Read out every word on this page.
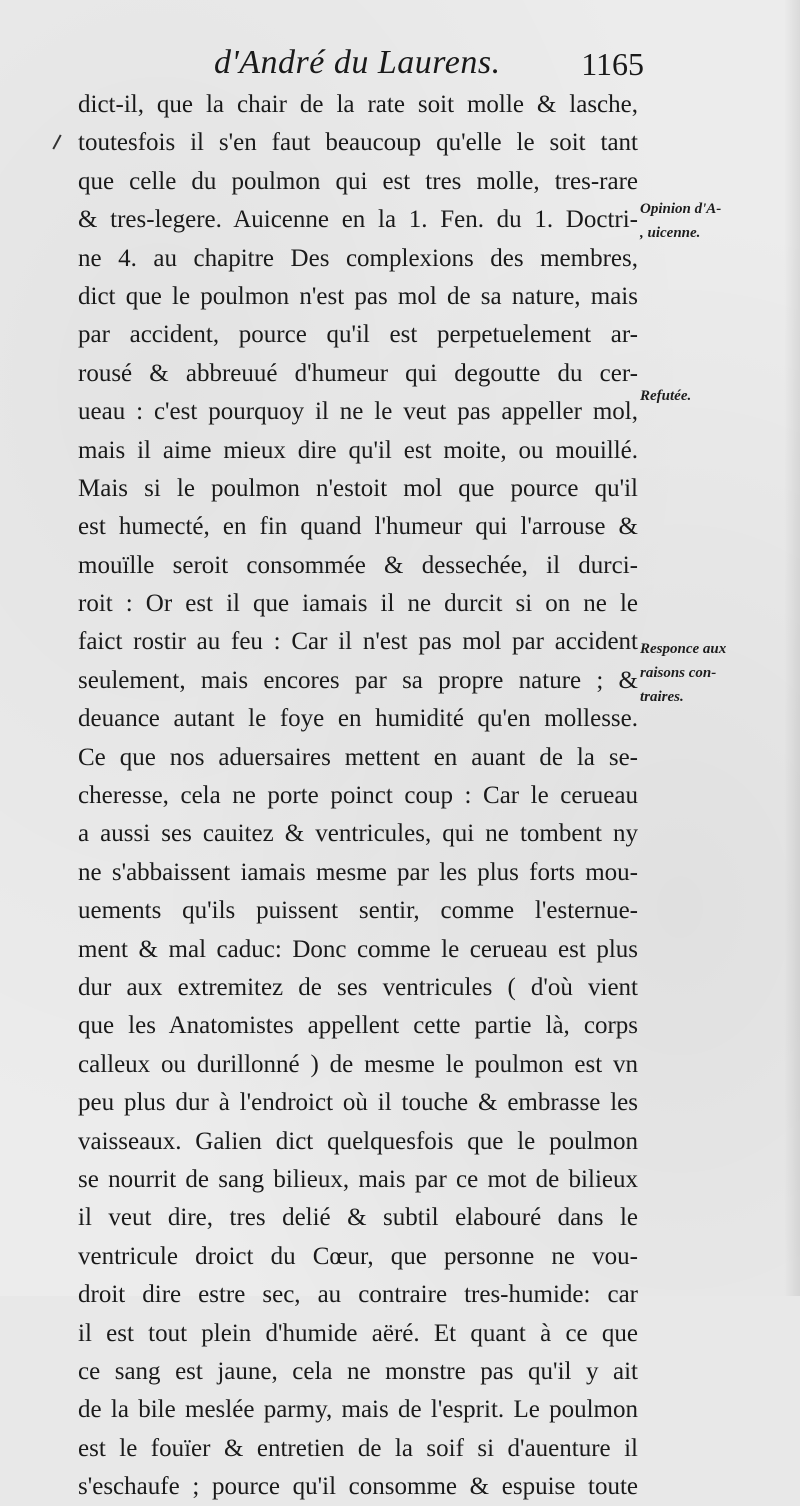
d'André du Laurens.	1165
dict-il, que la chair de la rate soit molle & lasche,
toutesfois il s'en faut beaucoup qu'elle le soit tant
que celle du poulmon qui est tres molle, tres-rare
& tres-legere. Auicenne en la 1. Fen. du 1. Doctri-
ne 4. au chapitre Des complexions des membres,
dict que le poulmon n'est pas mol de sa nature, mais
par accident, pource qu'il est perpetuelement ar-
rousé & abbreuué d'humeur qui degoutte du cer-
ueau : c'est pourquoy il ne le veut pas appeller mol,
mais il aime mieux dire qu'il est moite, ou mouillé.
Mais si le poulmon n'estoit mol que pource qu'il
est humecté, en fin quand l'humeur qui l'arrouse &
mouïlle seroit consommée & dessechée, il durci-
roit : Or est il que iamais il ne durcit si on ne le
faict rostir au feu : Car il n'est pas mol par accident
seulement, mais encores par sa propre nature ; &
deuance autant le foye en humidité qu'en mollesse.
Ce que nos aduersaires mettent en auant de la se-
cheresse, cela ne porte poinct coup : Car le cerueau
a aussi ses cauitez & ventricules, qui ne tombent ny
ne s'abbaissent iamais mesme par les plus forts mou-
uements qu'ils puissent sentir, comme l'esternue-
ment & mal caduc: Donc comme le cerueau est plus
dur aux extremitez de ses ventricules ( d'où vient
que les Anatomistes appellent cette partie là, corps
calleux ou durillonné ) de mesme le poulmon est vn
peu plus dur à l'endroict où il touche & embrasse les
vaisseaux. Galien dict quelquesfois que le poulmon
se nourrit de sang bilieux, mais par ce mot de bilieux
il veut dire, tres delié & subtil elabouré dans le
ventricule droict du Cœur, que personne ne vou-
droit dire estre sec, au contraire tres-humide: car
il est tout plein d'humide aëré. Et quant à ce que
ce sang est jaune, cela ne monstre pas qu'il y ait
de la bile meslée parmy, mais de l'esprit. Le poulmon
est le fouïer & entretien de la soif si d'auenture il
s'eschaufe ; pource qu'il consomme & espuise toute
Opinion d'A-
, uicenne.
Refutée.
Responce aux
raisons con-
traires.
